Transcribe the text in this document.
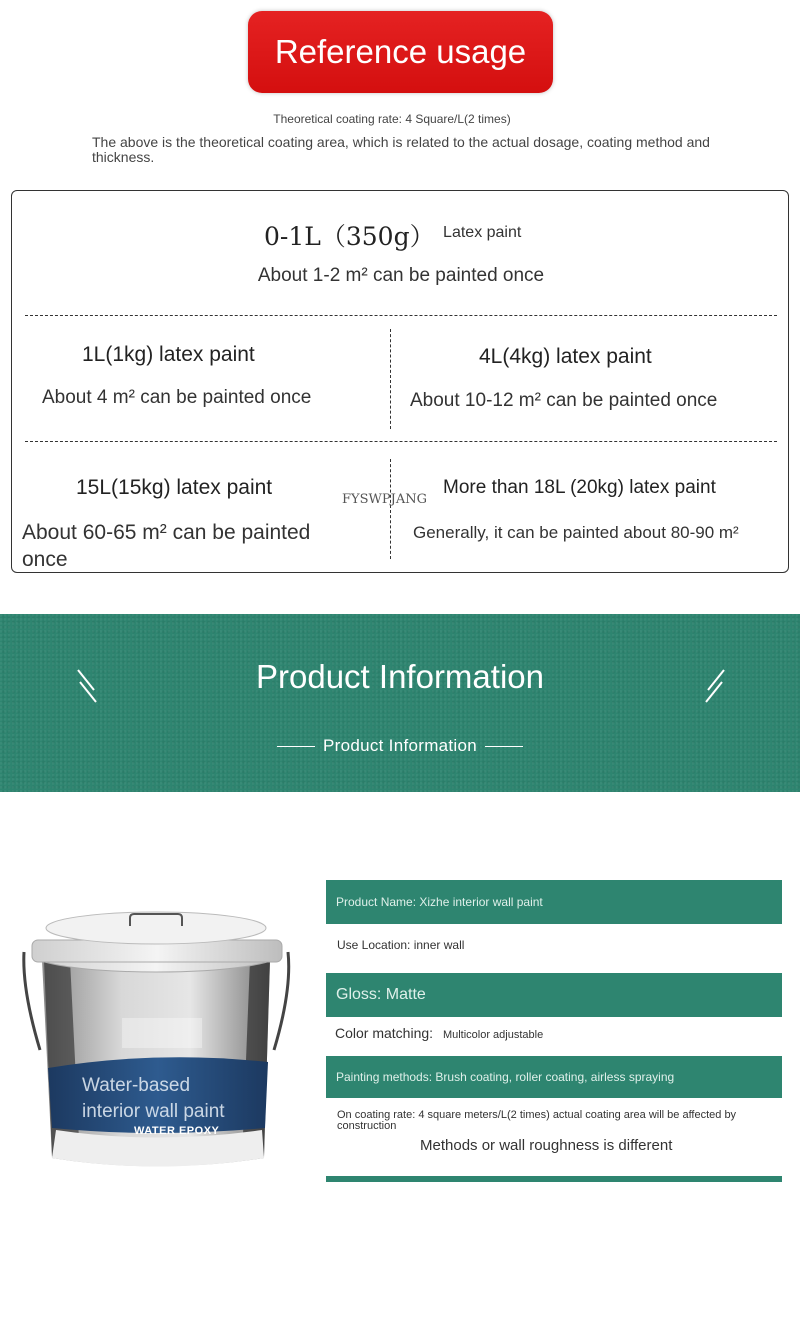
Reference usage
Theoretical coating rate: 4 Square/L(2 times)
The above is the theoretical coating area, which is related to the actual dosage, coating method and thickness.
0-1L（350g） Latex paint
About 1-2 m² can be painted once
1L(1kg) latex paint
About 4 m² can be painted once
4L(4kg) latex paint
About 10-12 m² can be painted once
15L(15kg) latex paint
About 60-65 m² can be painted once
More than 18L (20kg) latex paint
Generally, it can be painted about 80-90 m²
FYSWPJANG
Product Information
Product Information
Water-based
interior wall paint
WATER EPOXY
Product Name: Xizhe interior wall paint
Use Location: inner wall
Gloss: Matte
Color matching: Multicolor adjustable
Painting methods: Brush coating, roller coating, airless spraying
On coating rate: 4 square meters/L(2 times) actual coating area will be affected by construction
Methods or wall roughness is different
